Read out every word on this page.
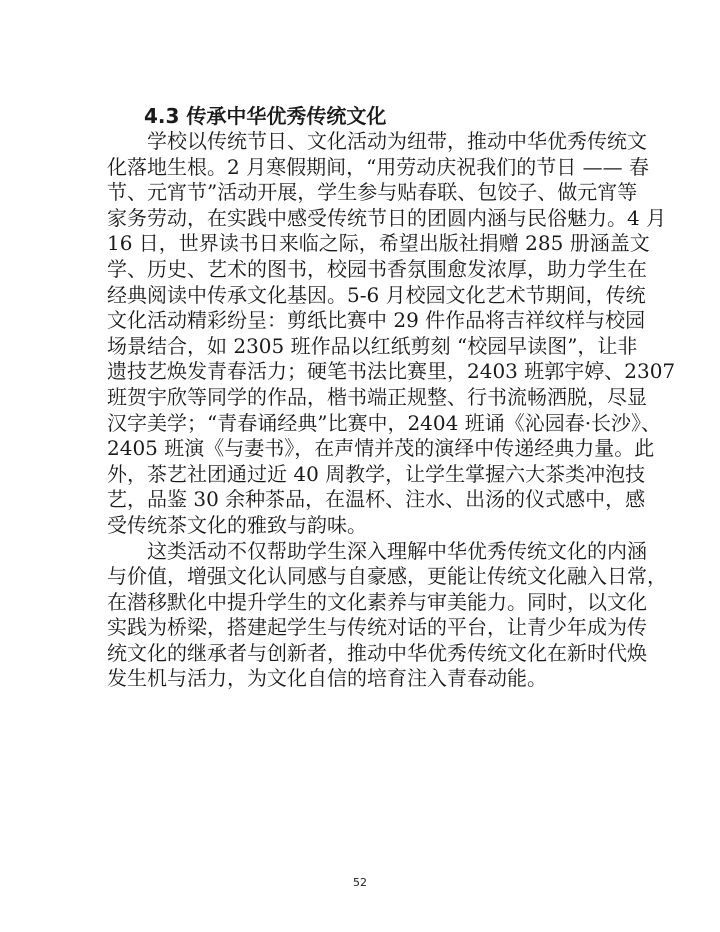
4.3 传承中华优秀传统文化
学校以传统节日、文化活动为纽带，推动中华优秀传统文
化落地生根。2 月寒假期间，“用劳动庆祝我们的节日 —— 春
节、元宵节”活动开展，学生参与贴春联、包饺子、做元宵等
家务劳动，在实践中感受传统节日的团圆内涵与民俗魅力。4 月
16 日，世界读书日来临之际，希望出版社捐赠 285 册涵盖文
学、历史、艺术的图书，校园书香氛围愈发浓厚，助力学生在
经典阅读中传承文化基因。5-6 月校园文化艺术节期间，传统
文化活动精彩纷呈：剪纸比赛中 29 件作品将吉祥纹样与校园
场景结合，如 2305 班作品以红纸剪刻 “校园早读图”，让非
遗技艺焕发青春活力；硬笔书法比赛里，2403 班郭宇婷、2307
班贺宇欣等同学的作品，楷书端正规整、行书流畅洒脱，尽显
汉字美学；“青春诵经典”比赛中，2404 班诵《沁园春·长沙》、
2405 班演《与妻书》，在声情并茂的演绎中传递经典力量。此
外，茶艺社团通过近 40 周教学，让学生掌握六大茶类冲泡技
艺，品鉴 30 余种茶品，在温杯、注水、出汤的仪式感中，感
受传统茶文化的雅致与韵味。
这类活动不仅帮助学生深入理解中华优秀传统文化的内涵
与价值，增强文化认同感与自豪感，更能让传统文化融入日常，
在潜移默化中提升学生的文化素养与审美能力。同时，以文化
实践为桥梁，搭建起学生与传统对话的平台，让青少年成为传
统文化的继承者与创新者，推动中华优秀传统文化在新时代焕
发生机与活力，为文化自信的培育注入青春动能。
52
